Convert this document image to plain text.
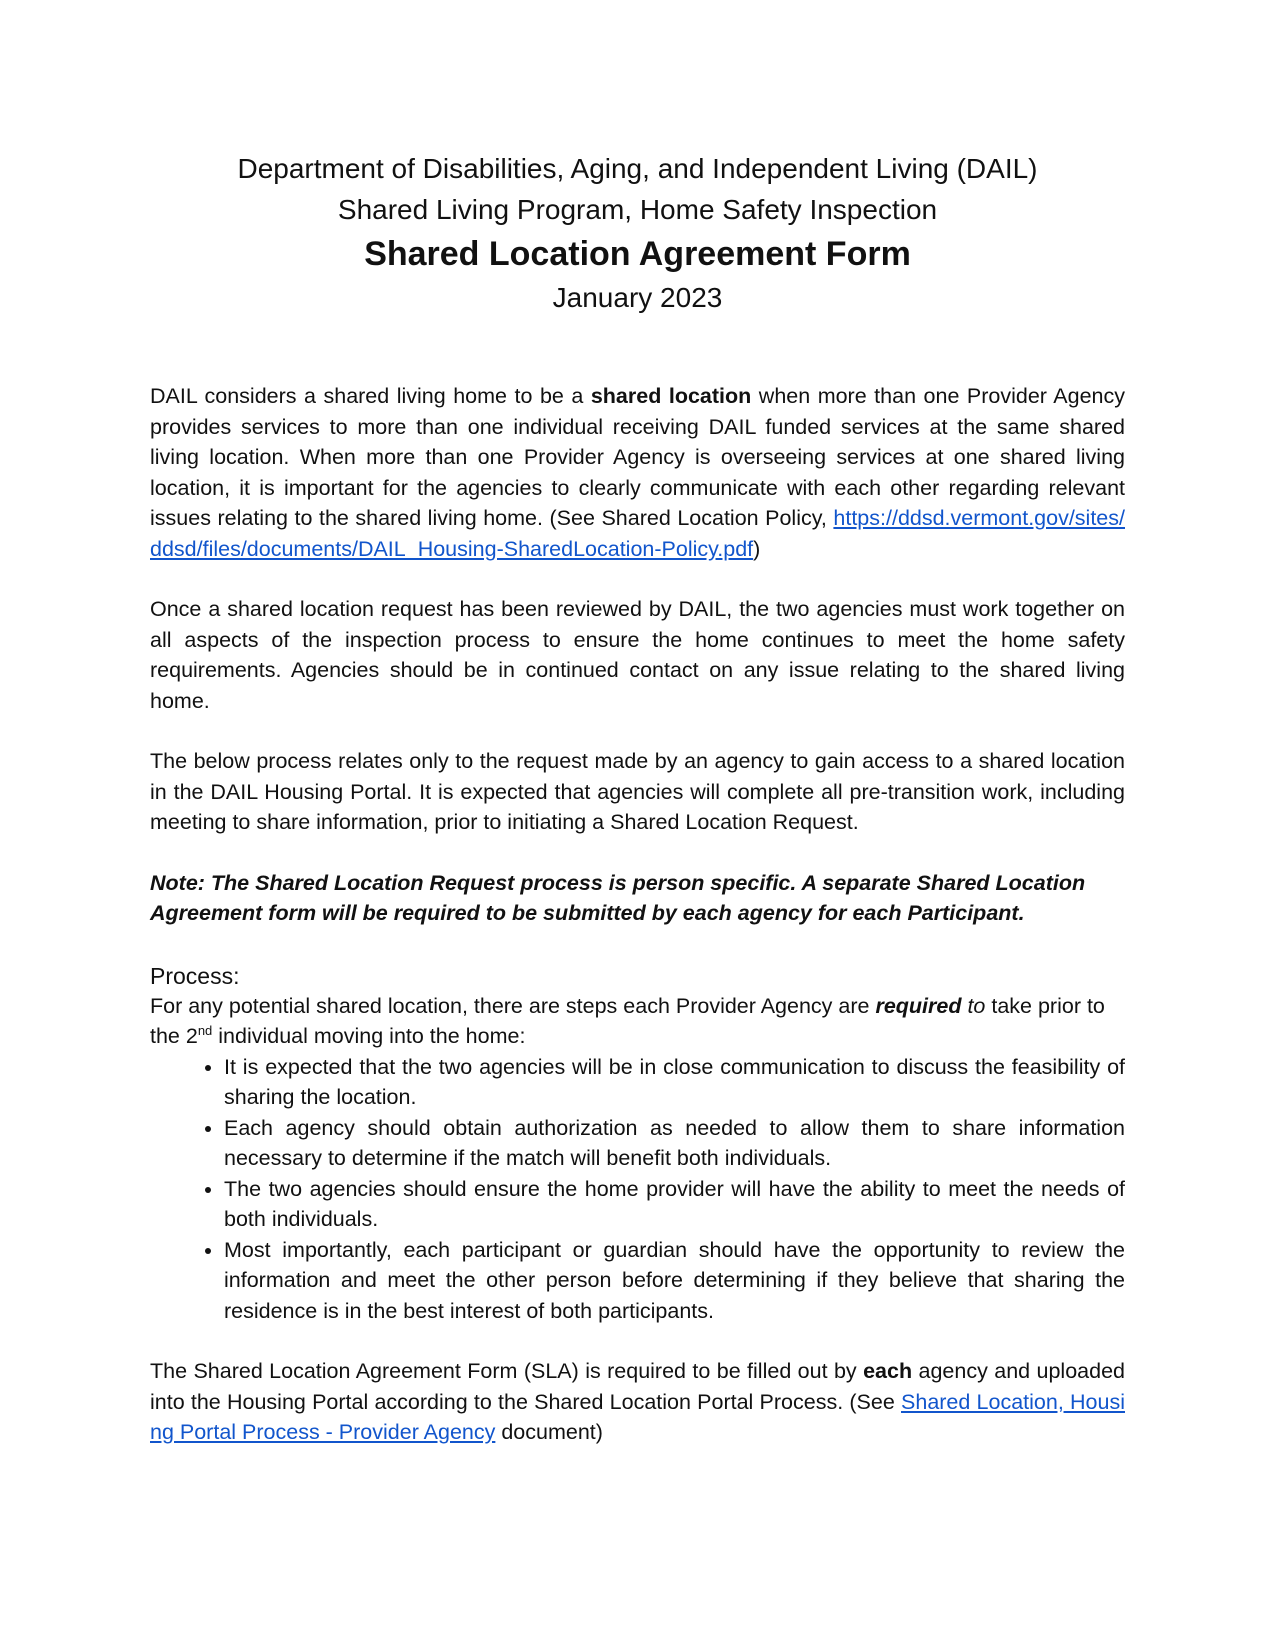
Department of Disabilities, Aging, and Independent Living (DAIL)

Shared Living Program, Home Safety Inspection

Shared Location Agreement Form

January 2023

DAIL considers a shared living home to be a shared location when more than one Provider Agency provides services to more than one individual receiving DAIL funded services at the same shared living location. When more than one Provider Agency is overseeing services at one shared living location, it is important for the agencies to clearly communicate with each other regarding relevant issues relating to the shared living home. (See Shared Location Policy, https://ddsd.vermont.gov/sites/ddsd/files/documents/DAIL_Housing-SharedLocation-Policy.pdf)

Once a shared location request has been reviewed by DAIL, the two agencies must work together on all aspects of the inspection process to ensure the home continues to meet the home safety requirements. Agencies should be in continued contact on any issue relating to the shared living home.

The below process relates only to the request made by an agency to gain access to a shared location in the DAIL Housing Portal. It is expected that agencies will complete all pre-transition work, including meeting to share information, prior to initiating a Shared Location Request.

Note: The Shared Location Request process is person specific. A separate Shared Location Agreement form will be required to be submitted by each agency for each Participant.

Process:

For any potential shared location, there are steps each Provider Agency are required to take prior to the 2nd individual moving into the home:

• It is expected that the two agencies will be in close communication to discuss the feasibility of sharing the location.
• Each agency should obtain authorization as needed to allow them to share information necessary to determine if the match will benefit both individuals.
• The two agencies should ensure the home provider will have the ability to meet the needs of both individuals.
• Most importantly, each participant or guardian should have the opportunity to review the information and meet the other person before determining if they believe that sharing the residence is in the best interest of both participants.

The Shared Location Agreement Form (SLA) is required to be filled out by each agency and uploaded into the Housing Portal according to the Shared Location Portal Process. (See Shared Location, Housing Portal Process - Provider Agency document)
